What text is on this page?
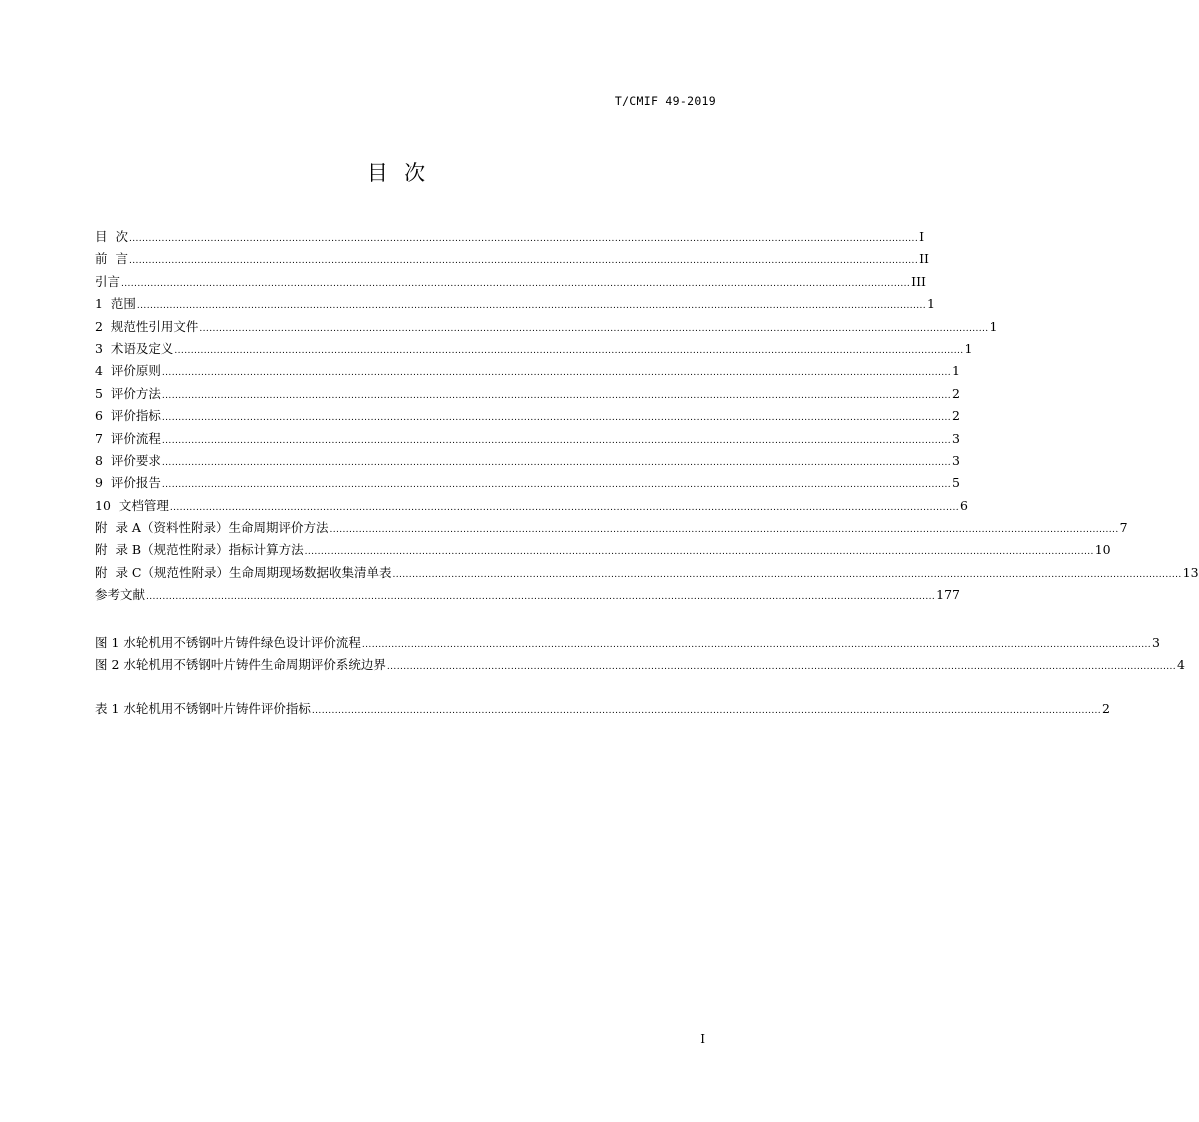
T/CMIF 49-2019
目  次
目  次 .................................................................................................................................................................................................................................................. I
前  言 .................................................................................................................................................................................................................................................. II
引言 .................................................................................................................................................................................................................................................. III
1  范围 .................................................................................................................................................................................................................................................. 1
2  规范性引用文件 .................................................................................................................................................................................................................................................. 1
3  术语及定义 .................................................................................................................................................................................................................................................. 1
4  评价原则 .................................................................................................................................................................................................................................................. 1
5  评价方法 .................................................................................................................................................................................................................................................. 2
6  评价指标 .................................................................................................................................................................................................................................................. 2
7  评价流程 .................................................................................................................................................................................................................................................. 3
8  评价要求 .................................................................................................................................................................................................................................................. 3
9  评价报告 .................................................................................................................................................................................................................................................. 5
10  文档管理 .................................................................................................................................................................................................................................................. 6
附  录 A（资料性附录）生命周期评价方法 .................................................................................................................................................................................................................................................. 7
附  录 B（规范性附录）指标计算方法 .................................................................................................................................................................................................................................................. 10
附  录 C（规范性附录）生命周期现场数据收集清单表 .................................................................................................................................................................................................................................................. 13
参考文献 .................................................................................................................................................................................................................................................. 177
图 1 水轮机用不锈钢叶片铸件绿色设计评价流程 .................................................................................................................................................................................................................................................. 3
图 2 水轮机用不锈钢叶片铸件生命周期评价系统边界 .................................................................................................................................................................................................................................................. 4
表 1 水轮机用不锈钢叶片铸件评价指标 .................................................................................................................................................................................................................................................. 2
I
